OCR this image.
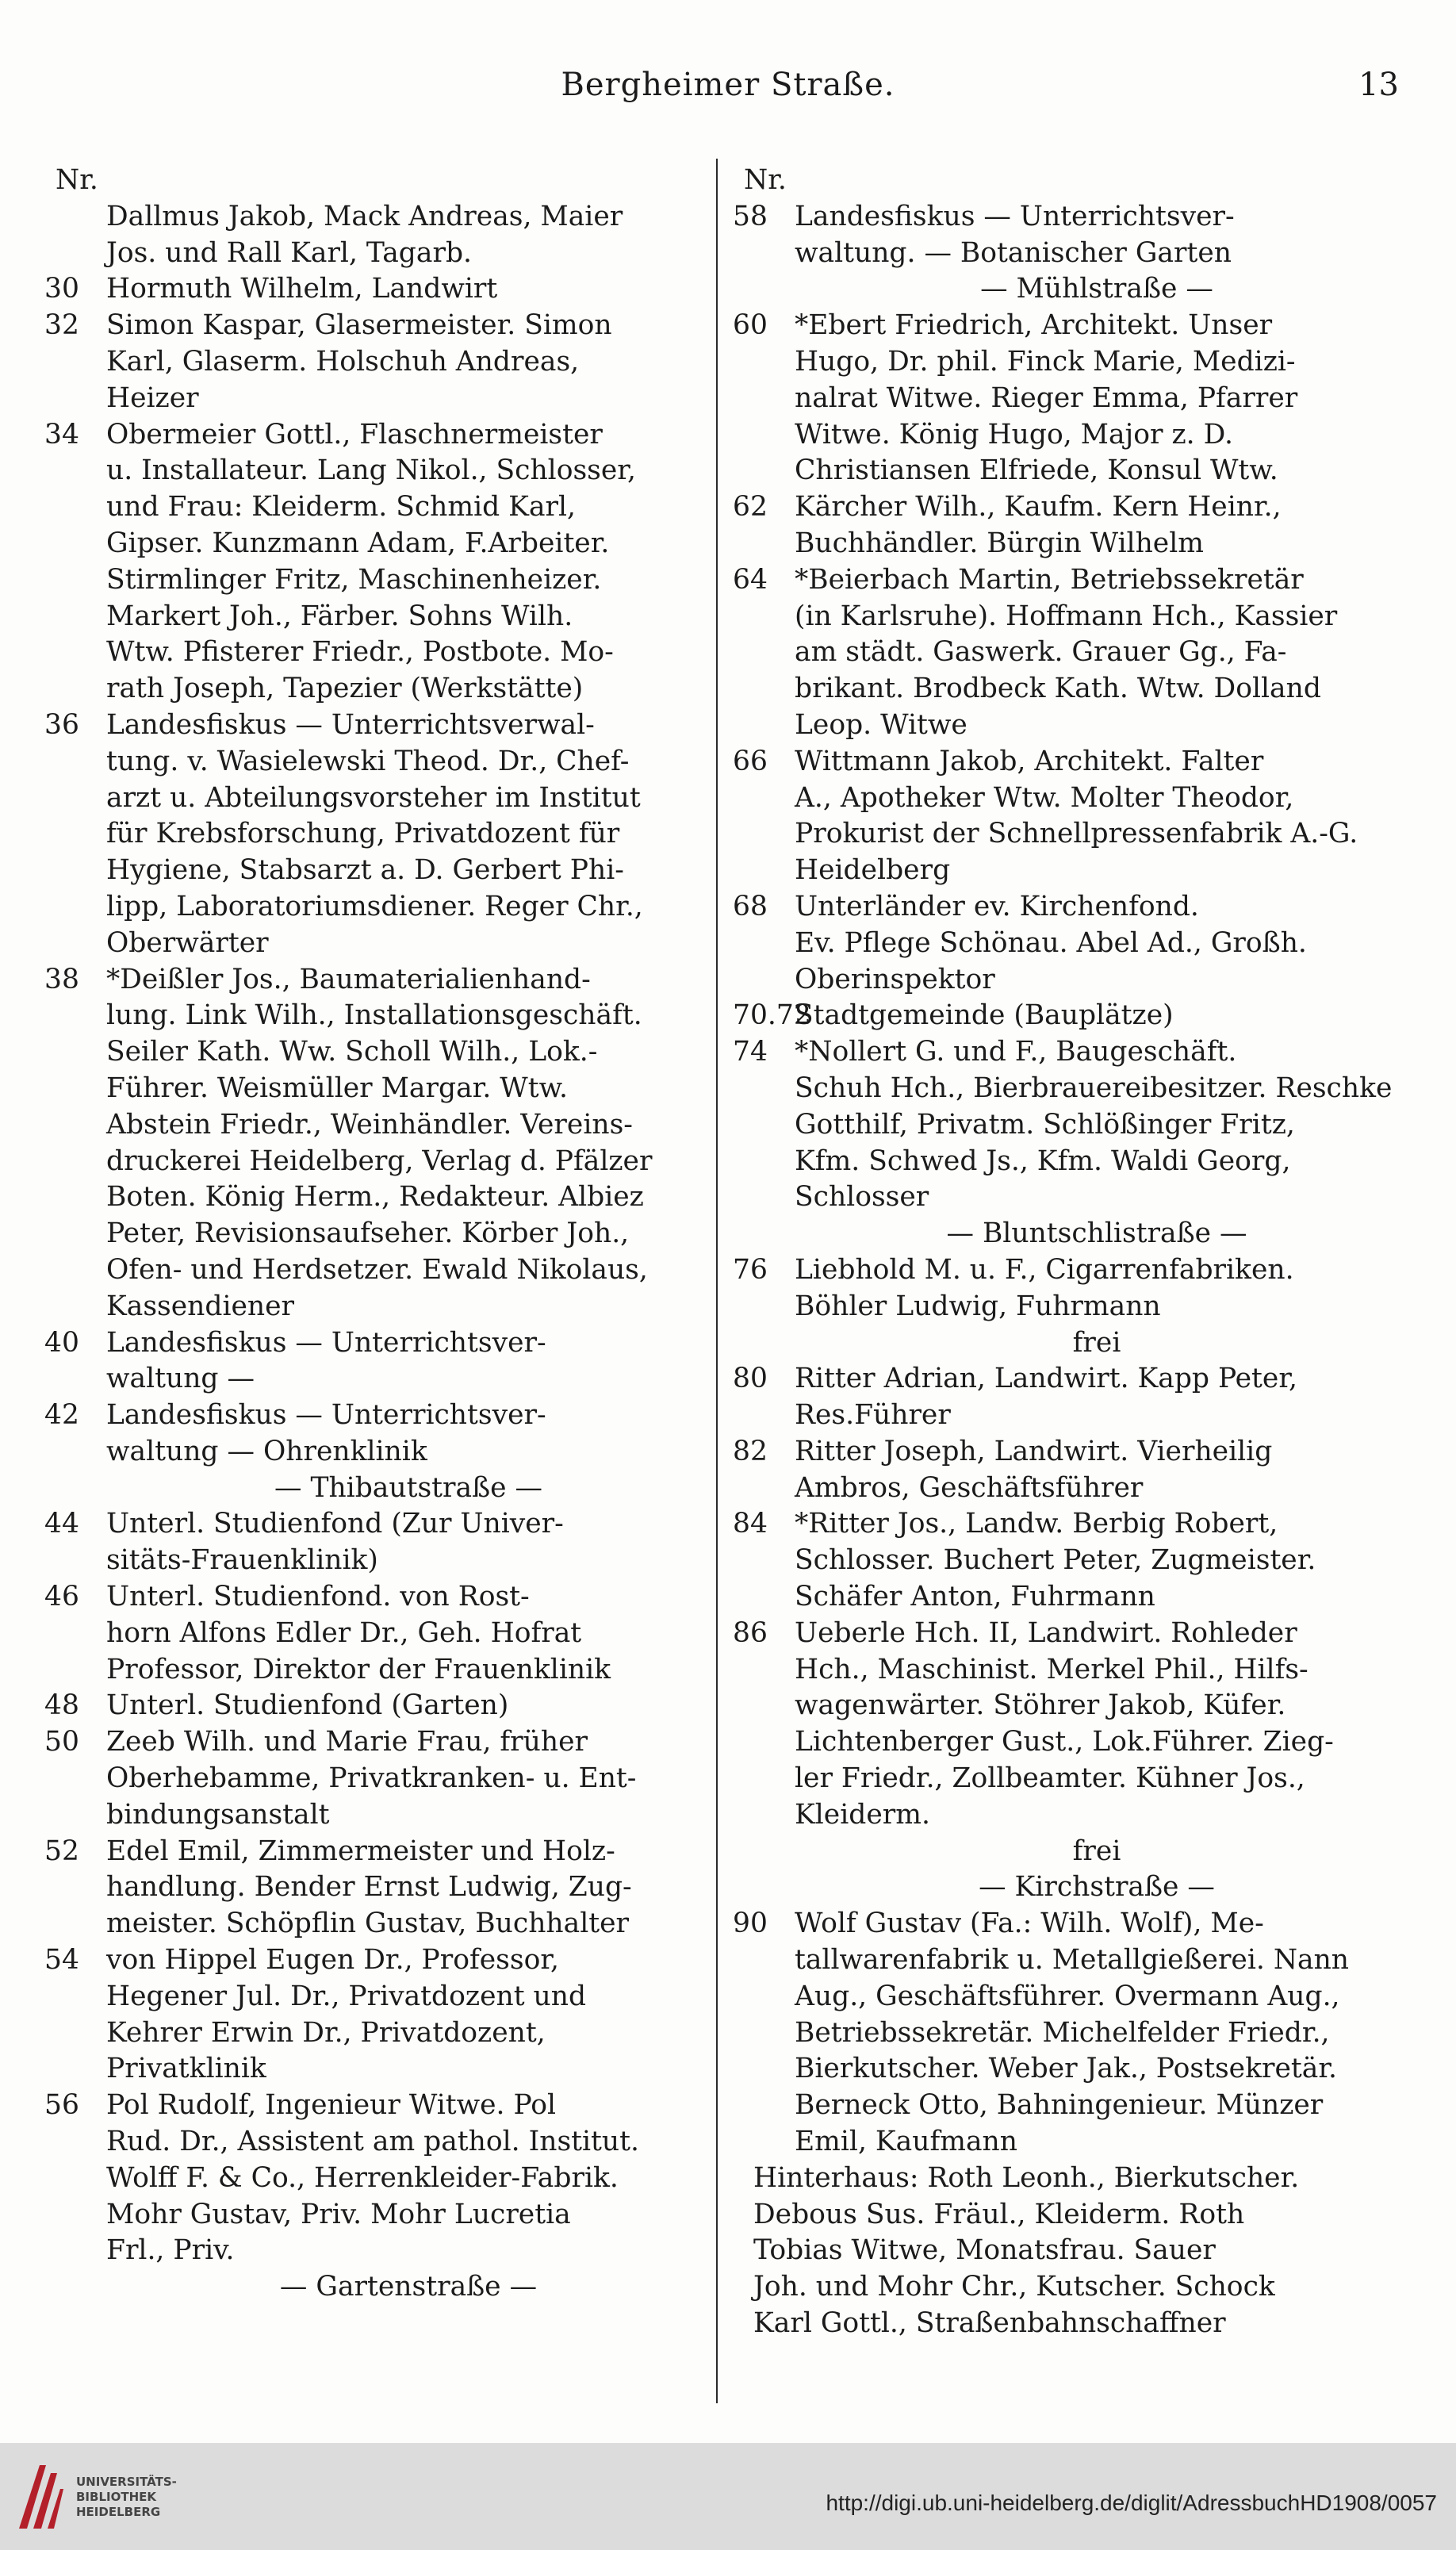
Bergheimer Straße.	13
Nr.
Dallmus Jakob, Mack Andreas, Maier
Jos. und Rall Karl, Tagarb.
30 Hormuth Wilhelm, Landwirt
32 Simon Kaspar, Glasermeister. Simon
Karl, Glaserm. Holschuh Andreas,
Heizer
34 Obermeier Gottl., Flaschnermeister
u. Installateur. Lang Nikol., Schlosser,
und Frau: Kleiderm. Schmid Karl,
Gipser. Kunzmann Adam, F.Arbeiter.
Stirmlinger Fritz, Maschinenheizer.
Markert Joh., Färber. Sohns Wilh.
Wtw. Pfisterer Friedr., Postbote. Mo-
rath Joseph, Tapezier (Werkstätte)
36 Landesfiskus — Unterrichtsverwal-
tung. v. Wasielewski Theod. Dr., Chef-
arzt u. Abteilungsvorsteher im Institut
für Krebsforschung, Privatdozent für
Hygiene, Stabsarzt a. D. Gerbert Phi-
lipp, Laboratoriumsdiener. Reger Chr.,
Oberwärter
38 *Deißler Jos., Baumaterialienhand-
lung. Link Wilh., Installationsgeschäft.
Seiler Kath. Ww. Scholl Wilh., Lok.-
Führer. Weismüller Margar. Wtw.
Abstein Friedr., Weinhändler. Vereins-
druckerei Heidelberg, Verlag d. Pfälzer
Boten. König Herm., Redakteur. Albiez
Peter, Revisionsaufseher. Körber Joh.,
Ofen- und Herdsetzer. Ewald Nikolaus,
Kassendiener
40 Landesfiskus — Unterrichtsver-
waltung —
42 Landesfiskus — Unterrichtsver-
waltung — Ohrenklinik
— Thibautstraße —
44 Unterl. Studienfond (Zur Univer-
sitäts-Frauenklinik)
46 Unterl. Studienfond. von Rost-
horn Alfons Edler Dr., Geh. Hofrat
Professor, Direktor der Frauenklinik
48 Unterl. Studienfond (Garten)
50 Zeeb Wilh. und Marie Frau, früher
Oberhebamme, Privatkranken- u. Ent-
bindungsanstalt
52 Edel Emil, Zimmermeister und Holz-
handlung. Bender Ernst Ludwig, Zug-
meister. Schöpflin Gustav, Buchhalter
54 von Hippel Eugen Dr., Professor,
Hegener Jul. Dr., Privatdozent und
Kehrer Erwin Dr., Privatdozent,
Privatklinik
56 Pol Rudolf, Ingenieur Witwe. Pol
Rud. Dr., Assistent am pathol. Institut.
Wolff F. & Co., Herrenkleider-Fabrik.
Mohr Gustav, Priv. Mohr Lucretia
Frl., Priv.
— Gartenstraße —
Nr.
58 Landesfiskus — Unterrichtsver-
waltung. — Botanischer Garten
— Mühlstraße —
60 *Ebert Friedrich, Architekt. Unser
Hugo, Dr. phil. Finck Marie, Medizi-
nalrat Witwe. Rieger Emma, Pfarrer
Witwe. König Hugo, Major z. D.
Christiansen Elfriede, Konsul Wtw.
62 Kärcher Wilh., Kaufm. Kern Heinr.,
Buchhändler. Bürgin Wilhelm
64 *Beierbach Martin, Betriebssekretär
(in Karlsruhe). Hoffmann Hch., Kassier
am städt. Gaswerk. Grauer Gg., Fa-
brikant. Brodbeck Kath. Wtw. Dolland
Leop. Witwe
66 Wittmann Jakob, Architekt. Falter
A., Apotheker Wtw. Molter Theodor,
Prokurist der Schnellpressenfabrik A.-G.
Heidelberg
68 Unterländer ev. Kirchenfond.
Ev. Pflege Schönau. Abel Ad., Großh.
Oberinspektor
70.72
Stadtgemeinde (Bauplätze)
74 *Nollert G. und F., Baugeschäft.
Schuh Hch., Bierbrauereibesitzer. Reschke
Gotthilf, Privatm. Schlößinger Fritz,
Kfm. Schwed Js., Kfm. Waldi Georg,
Schlosser
— Bluntschlistraße —
76 Liebhold M. u. F., Cigarrenfabriken.
Böhler Ludwig, Fuhrmann
frei
80 Ritter Adrian, Landwirt. Kapp Peter,
Res.Führer
82 Ritter Joseph, Landwirt. Vierheilig
Ambros, Geschäftsführer
84 *Ritter Jos., Landw. Berbig Robert,
Schlosser. Buchert Peter, Zugmeister.
Schäfer Anton, Fuhrmann
86 Ueberle Hch. II, Landwirt. Rohleder
Hch., Maschinist. Merkel Phil., Hilfs-
wagenwärter. Stöhrer Jakob, Küfer.
Lichtenberger Gust., Lok.Führer. Zieg-
ler Friedr., Zollbeamter. Kühner Jos.,
Kleiderm.
frei
— Kirchstraße —
90 Wolf Gustav (Fa.: Wilh. Wolf), Me-
tallwarenfabrik u. Metallgießerei. Nann
Aug., Geschäftsführer. Overmann Aug.,
Betriebssekretär. Michelfelder Friedr.,
Bierkutscher. Weber Jak., Postsekretär.
Berneck Otto, Bahningenieur. Münzer
Emil, Kaufmann
Hinterhaus: Roth Leonh., Bierkutscher.
Debous Sus. Fräul., Kleiderm. Roth
Tobias Witwe, Monatsfrau. Sauer
Joh. und Mohr Chr., Kutscher. Schock
Karl Gottl., Straßenbahnschaffner
UNIVERSITÄTS-
BIBLIOTHEK
HEIDELBERG	http://digi.ub.uni-heidelberg.de/diglit/AdressbuchHD1908/0057
